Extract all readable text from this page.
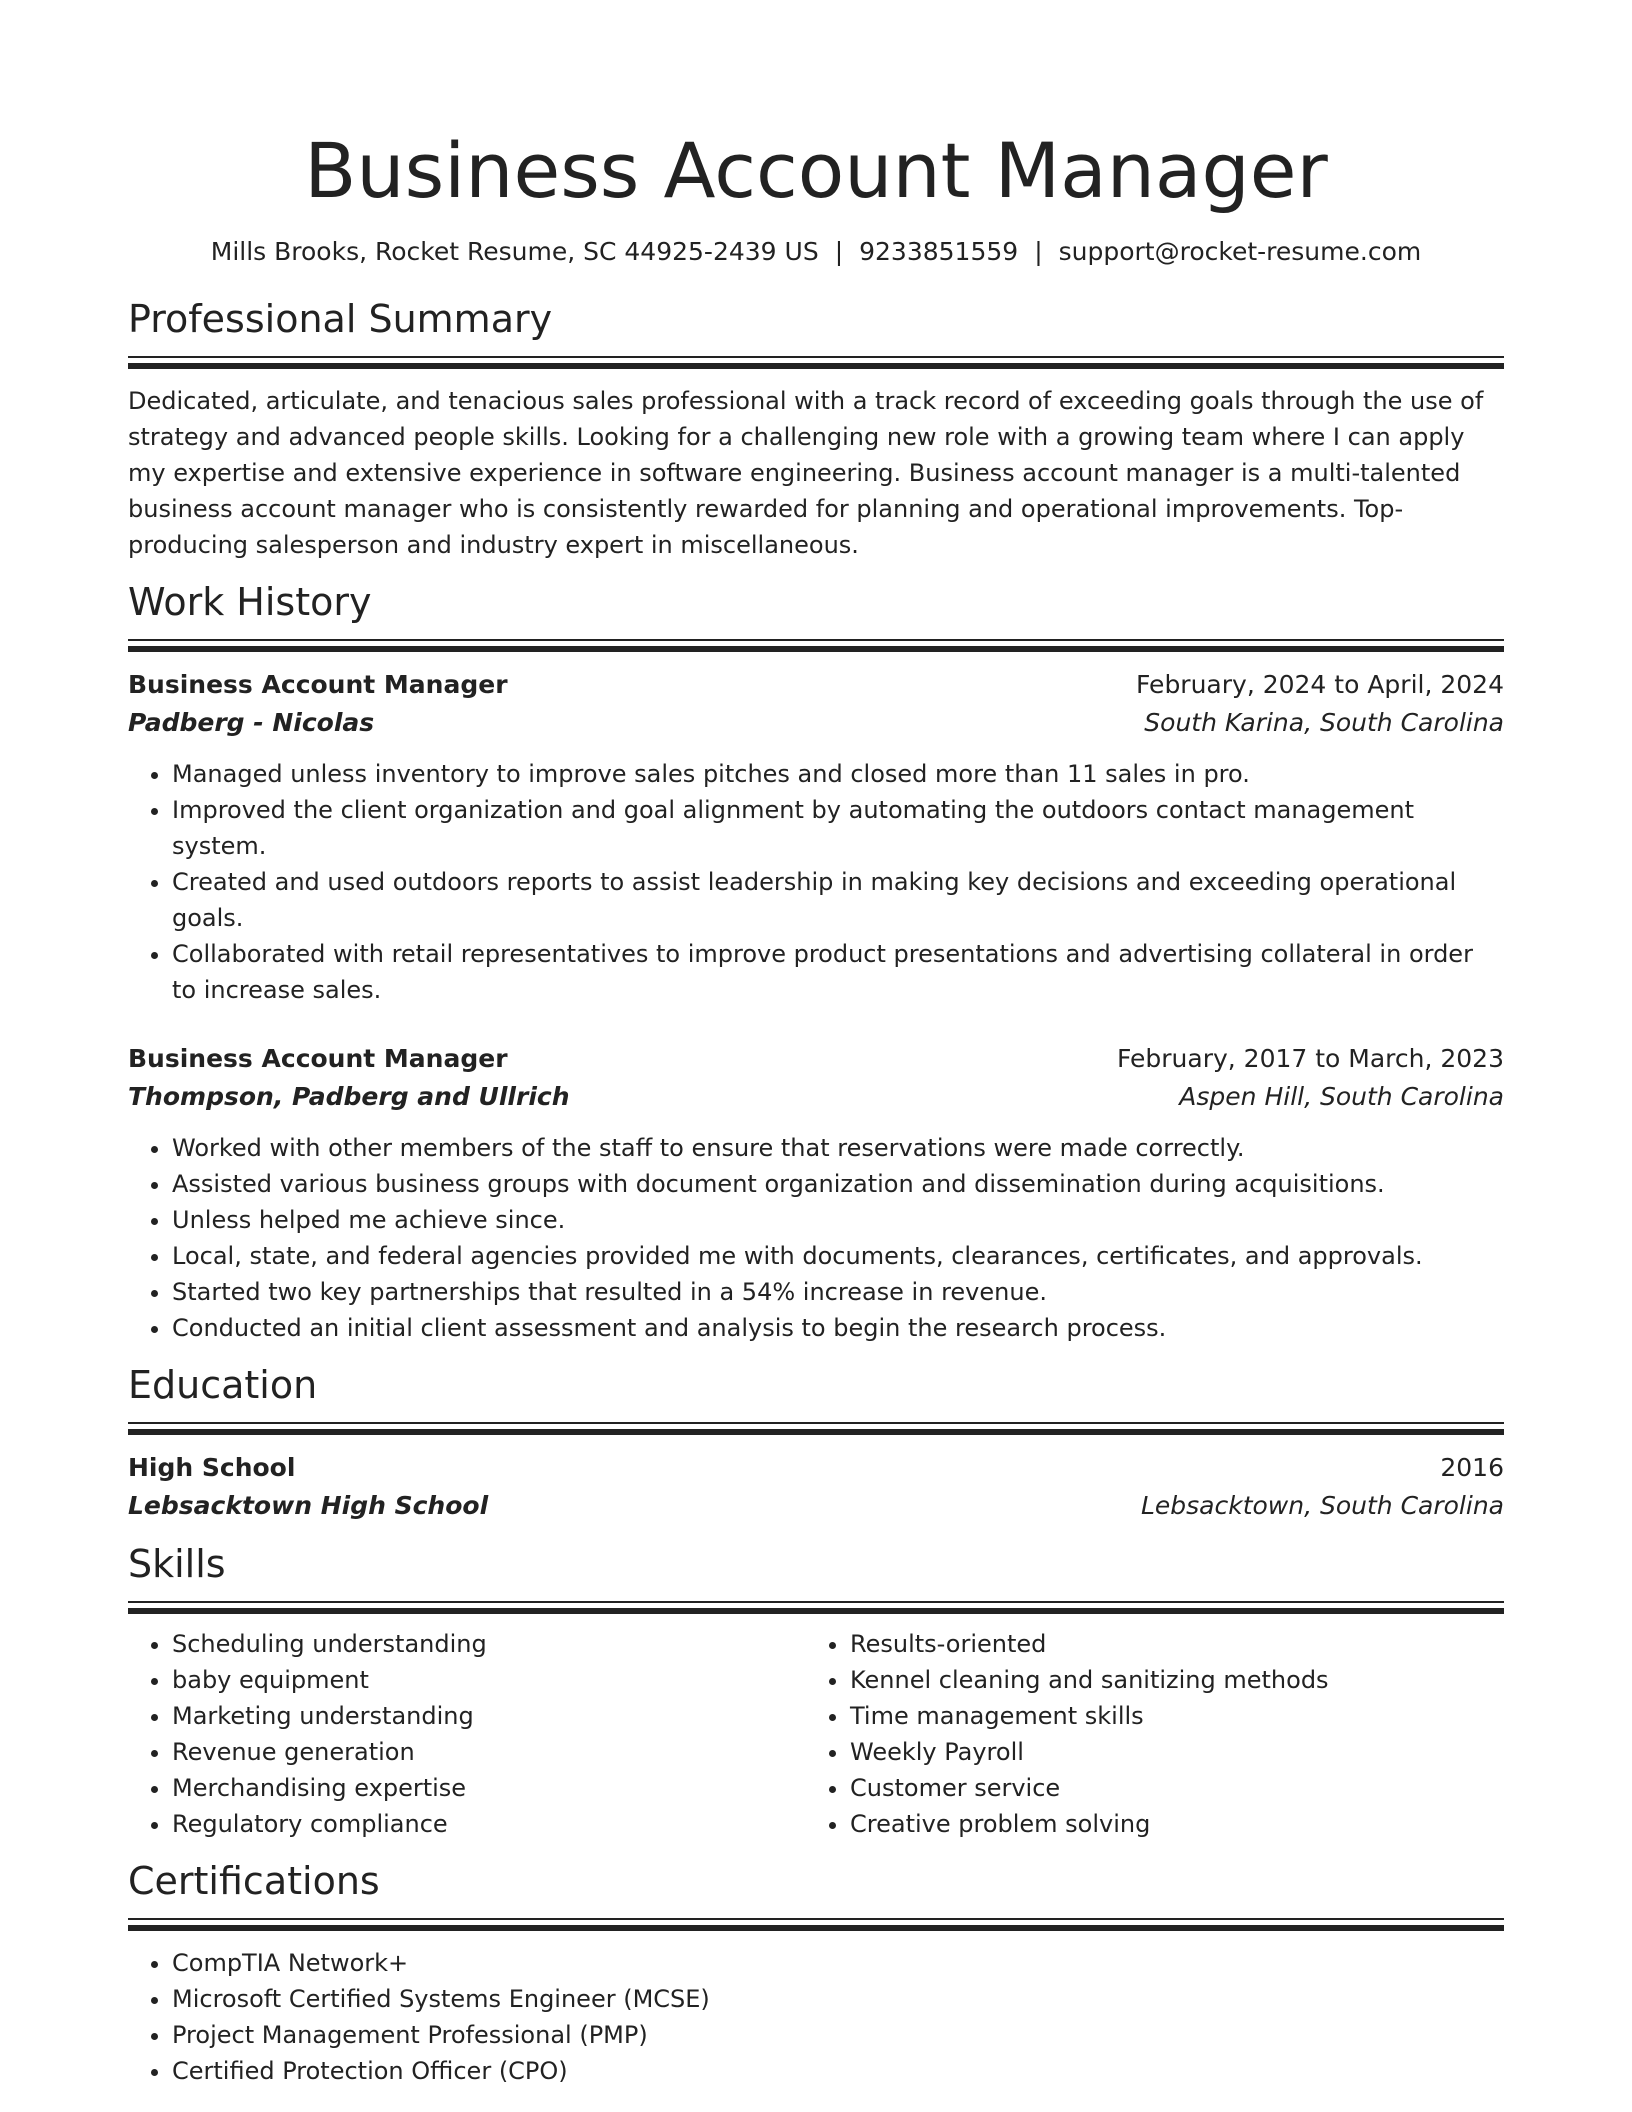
Business Account Manager
Mills Brooks, Rocket Resume, SC 44925-2439 US | 9233851559 | support@rocket-resume.com
Professional Summary

Dedicated, articulate, and tenacious sales professional with a track record of exceeding goals through the use of strategy and advanced people skills. Looking for a challenging new role with a growing team where I can apply my expertise and extensive experience in software engineering. Business account manager is a multi-talented business account manager who is consistently rewarded for planning and operational improvements. Top-producing salesperson and industry expert in miscellaneous.

Work History
Business Account Manager	February, 2024 to April, 2024
Padberg - Nicolas	South Karina, South Carolina
• Managed unless inventory to improve sales pitches and closed more than 11 sales in pro.
• Improved the client organization and goal alignment by automating the outdoors contact management system.
• Created and used outdoors reports to assist leadership in making key decisions and exceeding operational goals.
• Collaborated with retail representatives to improve product presentations and advertising collateral in order to increase sales.
Business Account Manager	February, 2017 to March, 2023
Thompson, Padberg and Ullrich	Aspen Hill, South Carolina
• Worked with other members of the staff to ensure that reservations were made correctly.
• Assisted various business groups with document organization and dissemination during acquisitions.
• Unless helped me achieve since.
• Local, state, and federal agencies provided me with documents, clearances, certificates, and approvals.
• Started two key partnerships that resulted in a 54% increase in revenue.
• Conducted an initial client assessment and analysis to begin the research process.
Education
High School	2016
Lebsacktown High School	Lebsacktown, South Carolina
Skills
• Scheduling understanding
• baby equipment
• Marketing understanding
• Revenue generation
• Merchandising expertise
• Regulatory compliance
• Results-oriented
• Kennel cleaning and sanitizing methods
• Time management skills
• Weekly Payroll
• Customer service
• Creative problem solving
Certifications
• CompTIA Network+
• Microsoft Certified Systems Engineer (MCSE)
• Project Management Professional (PMP)
• Certified Protection Officer (CPO)
